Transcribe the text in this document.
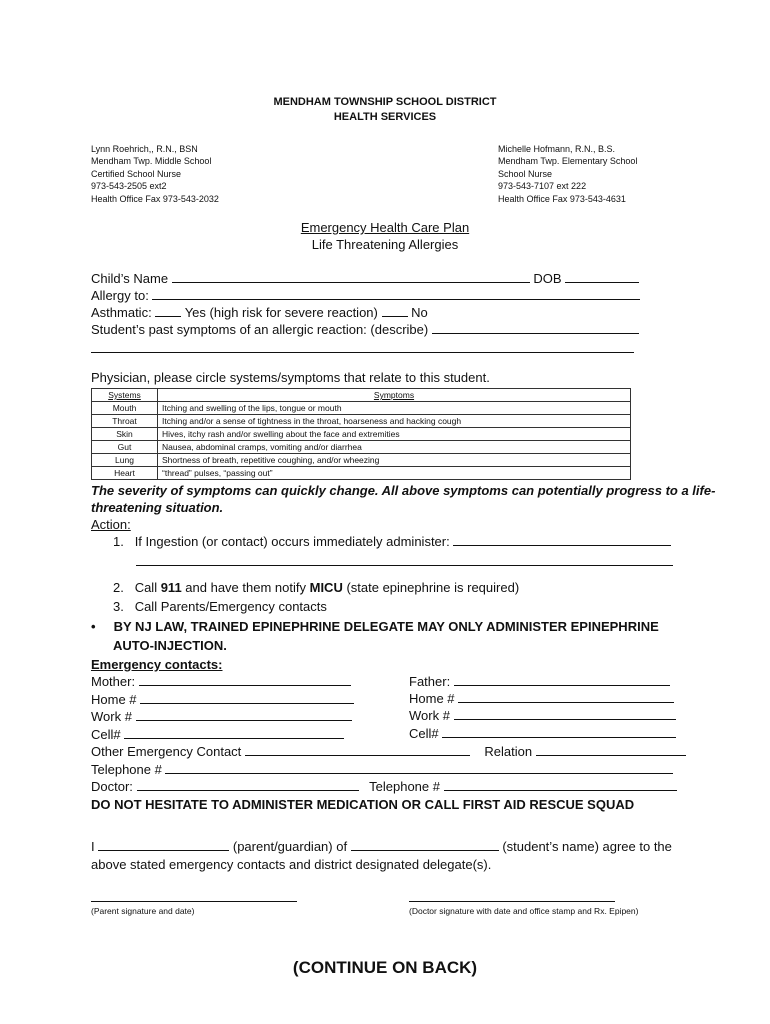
MENDHAM TOWNSHIP SCHOOL DISTRICT
HEALTH SERVICES
Lynn Roehrich,, R.N., BSN
Mendham Twp. Middle School
Certified School Nurse
973-543-2505 ext2
Health Office Fax 973-543-2032
Michelle Hofmann, R.N., B.S.
Mendham Twp. Elementary School
School Nurse
973-543-7107 ext 222
Health Office Fax 973-543-4631
Emergency Health Care Plan
Life Threatening Allergies
Child’s Name	DOB
Allergy to:
Asthmatic:	Yes (high risk for severe reaction)	No
Student’s past symptoms of an allergic reaction: (describe)
Physician, please circle systems/symptoms that relate to this student.
Systems	Symptoms
Mouth	Itching and swelling of the lips, tongue or mouth
Throat	Itching and/or a sense of tightness in the throat, hoarseness and hacking cough
Skin	Hives, itchy rash and/or swelling about the face and extremities
Gut	Nausea, abdominal cramps, vomiting and/or diarrhea
Lung	Shortness of breath, repetitive coughing, and/or wheezing
Heart	“thread” pulses, “passing out”
The severity of symptoms can quickly change. All above symptoms can potentially progress to a life-
threatening situation.
Action:
1.   If Ingestion (or contact) occurs immediately administer:
2.   Call 911 and have them notify MICU (state epinephrine is required)
3.   Call Parents/Emergency contacts
•     BY NJ LAW, TRAINED EPINEPHRINE DELEGATE MAY ONLY ADMINISTER EPINEPHRINE
AUTO-INJECTION.
Emergency contacts:
Mother:
Home #
Work #
Cell#
Father:
Home #
Work #
Cell#
Other Emergency Contact	Relation
Telephone #
Doctor:	Telephone #
DO NOT HESITATE TO ADMINISTER MEDICATION OR CALL FIRST AID RESCUE SQUAD
I	(parent/guardian) of	(student’s name) agree to the
above stated emergency contacts and district designated delegate(s).
(Parent signature and date)	(Doctor signature with date and office stamp and Rx. Epipen)
(CONTINUE ON BACK)
